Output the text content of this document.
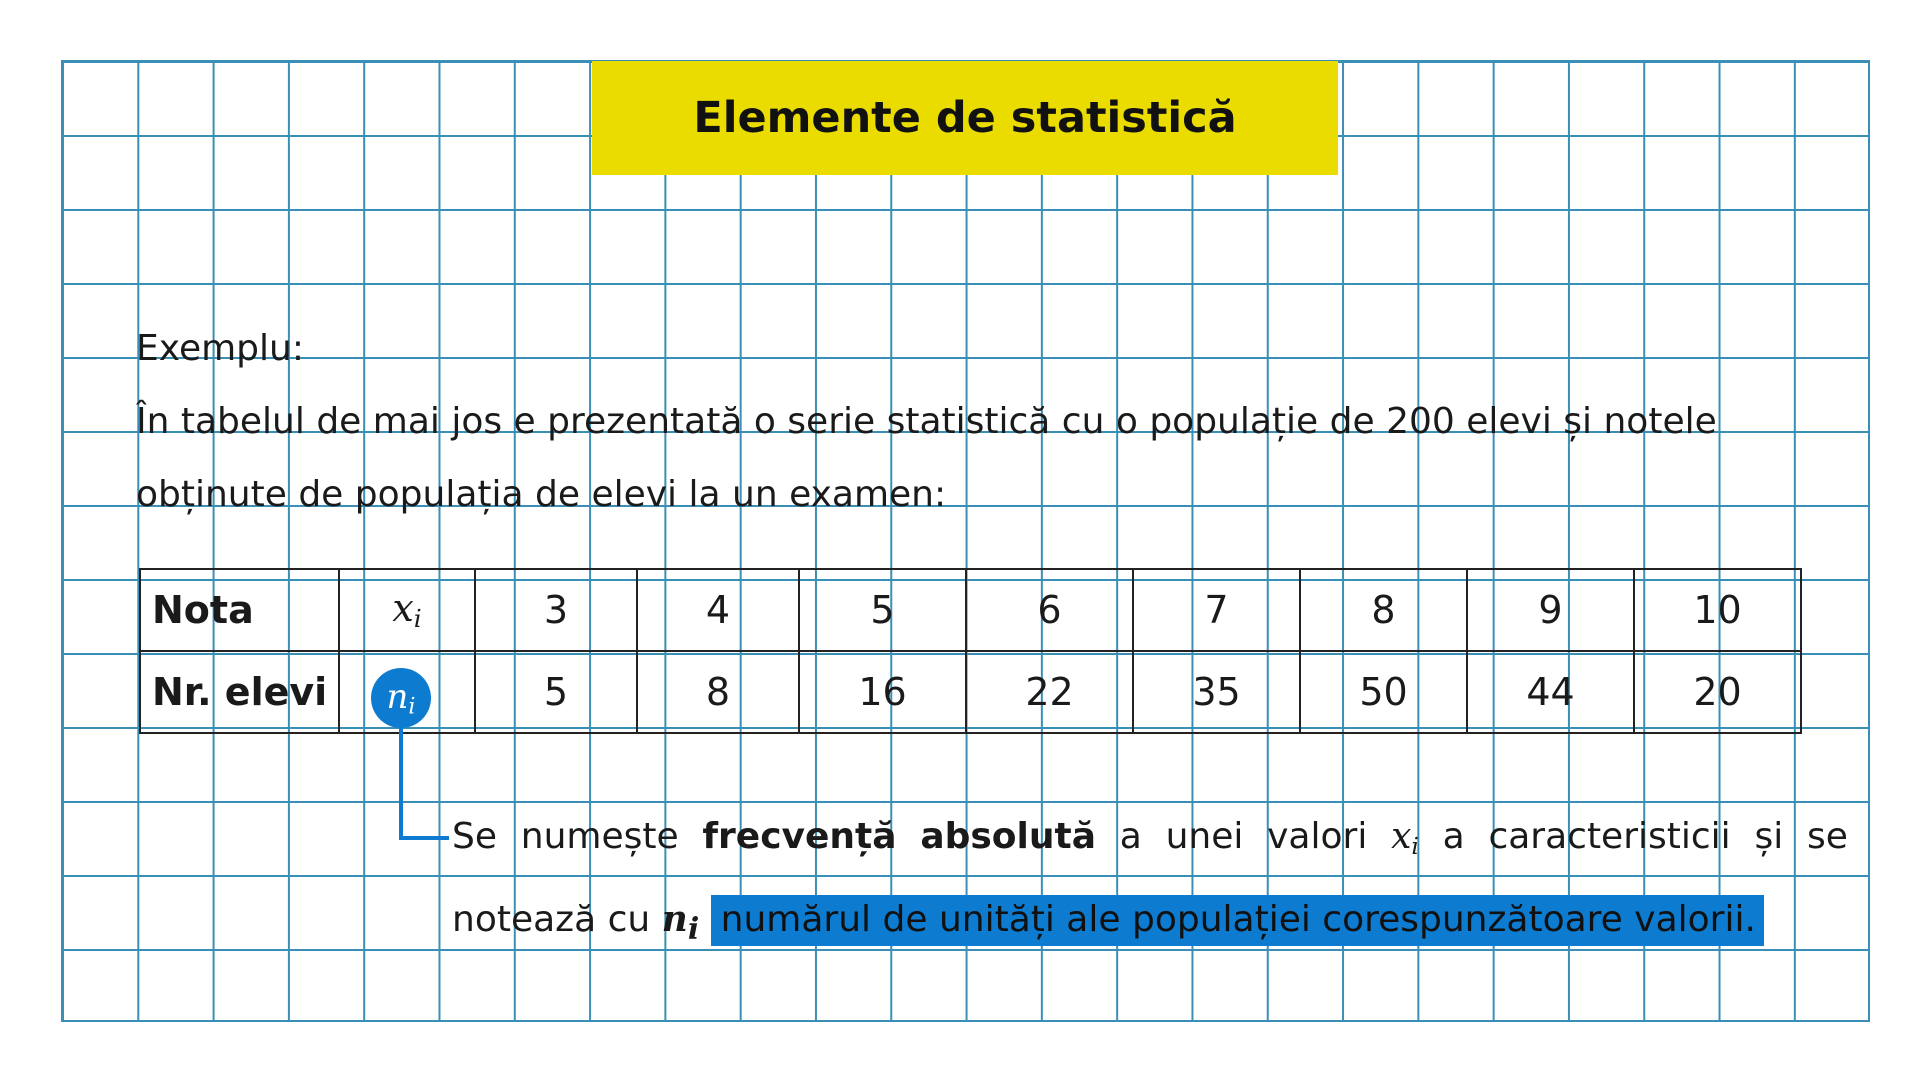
Elemente de statistică

Exemplu:

În tabelul de mai jos e prezentată o serie statistică cu o populație de 200 elevi și notele

obținute de populația de elevi la un examen:

Nota	$x_i$	3	4	5	6	7	8	9	10
Nr. elevi		5	8	16	22	35	50	44	20
$n_i$
Se numește frecvență absolută a unei valori $x_i$ a caracteristicii și se
notează cu $n_i$ numărul de unități ale populației corespunzătoare valorii.
